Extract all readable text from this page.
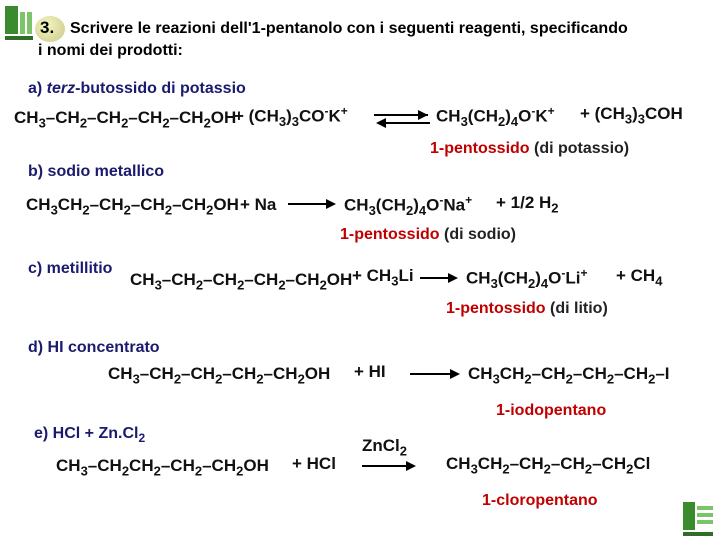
3. Scrivere le reazioni dell'1-pentanolo con i seguenti reagenti, specificando
i nomi dei prodotti:
a) terz-butossido di potassio
$CH_3-CH_2-CH_2-CH_2-CH_2OH$
+ $(CH_3)_3CO^-K^+$ ⇌ $CH_3(CH_2)_4O^-K^+ + (CH_3)_3COH$
1-pentossido (di potassio)
b) sodio metallico
$CH_3CH_2-CH_2-CH_2-CH_2OH + Na \to CH_3(CH_2)_4O^-Na^+ + 1/2$ $H_2$
1-pentossido (di sodio)
c) metillitio
$CH_3-CH_2-CH_2-CH_2-CH_2OH + CH_3Li \to CH_3(CH_2)_4O^-Li^+ + CH_4$
1-pentossido (di litio)
d) HI concentrato
$CH_3-CH_2-CH_2-CH_2-CH_2OH$ + HI → $CH_3CH_2-CH_2-CH_2-CH_2-I$
1-iodopentano
e) HCl + $Zn.Cl_2$
$CH_3-CH_2CH_2-CH_2-CH_2OH$ + HCl
ZnCl$_2$
$CH_3CH_2-CH_2-CH_2-CH_2Cl$
1-cloropentano
